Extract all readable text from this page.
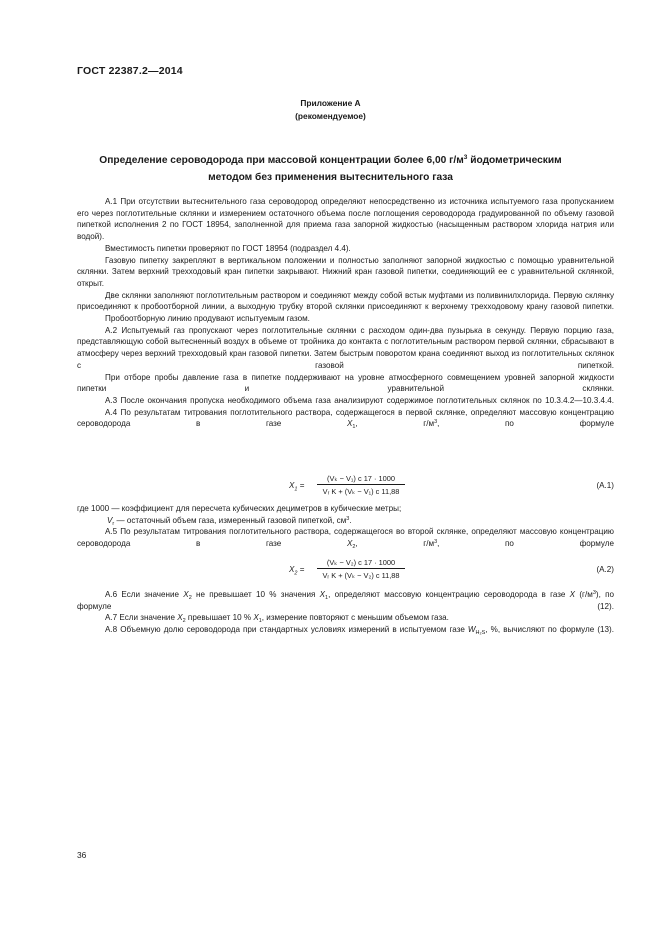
ГОСТ 22387.2—2014
Приложение А
(рекомендуемое)
Определение сероводорода при массовой концентрации более 6,00 $г/м^3$ йодометрическим
методом без применения вытеснительного газа

А.1 При отсутствии вытеснительного газа сероводород определяют непосредственно из источника испытуемого газа пропусканием его через поглотительные склянки и измерением остаточного объема после поглощения сероводорода градуированной по объему газовой пипеткой исполнения 2 по ГОСТ 18954, заполненной для приема газа запорной жидкостью (насыщенным раствором хлорида натрия или водой).

Вместимость пипетки проверяют по ГОСТ 18954 (подраздел 4.4).

Газовую пипетку закрепляют в вертикальном положении и полностью заполняют запорной жидкостью с помощью уравнительной склянки. Затем верхний трехходовый кран пипетки закрывают. Нижний кран газовой пипетки, соединяющий ее с уравнительной склянкой, открыт.

Две склянки заполняют поглотительным раствором и соединяют между собой встык муфтами из поливинилхлорида. Первую склянку присоединяют к пробоотборной линии, а выходную трубку второй склянки присоединяют к верхнему трехходовому крану газовой пипетки.

Пробоотборную линию продувают испытуемым газом.

А.2 Испытуемый газ пропускают через поглотительные склянки с расходом один-два пузырька в секунду. Первую порцию газа, представляющую собой вытесненный воздух в объеме от тройника до контакта с поглотительным раствором первой склянки, сбрасывают в атмосферу через верхний трехходовый кран газовой пипетки. Затем быстрым поворотом крана соединяют выход из поглотительных склянок с газовой пипеткой.

При отборе пробы давление газа в пипетке поддерживают на уровне атмосферного совмещением уровней запорной жидкости пипетки и уравнительной склянки.

А.3 После окончания пропуска необходимого объема газа анализируют содержимое поглотительных склянок по 10.3.4.2—10.3.4.4.

А.4 По результатам титрования поглотительного раствора, содержащегося в первой склянке, определяют массовую концентрацию сероводорода в газе $X_1$, $г/м^3$, по формуле

$X_1$ =
(Vₖ − V₁) c 17 · 1000
Vᵣ K + (Vₖ − V₁) c 11,88
(А.1)

где 1000 — коэффициент для пересчета кубических дециметров в кубические метры;

$V_r$ — остаточный объем газа, измеренный газовой пипеткой, $см^3$.

А.5 По результатам титрования поглотительного раствора, содержащегося во второй склянке, определяют массовую концентрацию сероводорода в газе $X_2$, $г/м^3$, по формуле

$X_2$ =
(Vₖ − V₂) c 17 · 1000
Vᵣ K + (Vₖ − V₂) c 11,88
(А.2)

А.6 Если значение $X_2$ не превышает 10 % значения $X_1$, определяют массовую концентрацию сероводорода в газе X $(г/м^3)$, по формуле (12).

А.7 Если значение $X_2$ превышает 10 % $X_1$, измерение повторяют с меньшим объемом газа.

А.8 Объемную долю сероводорода при стандартных условиях измерений в испытуемом газе $W_{H_2S}$, %, вычисляют по формуле (13).

36
